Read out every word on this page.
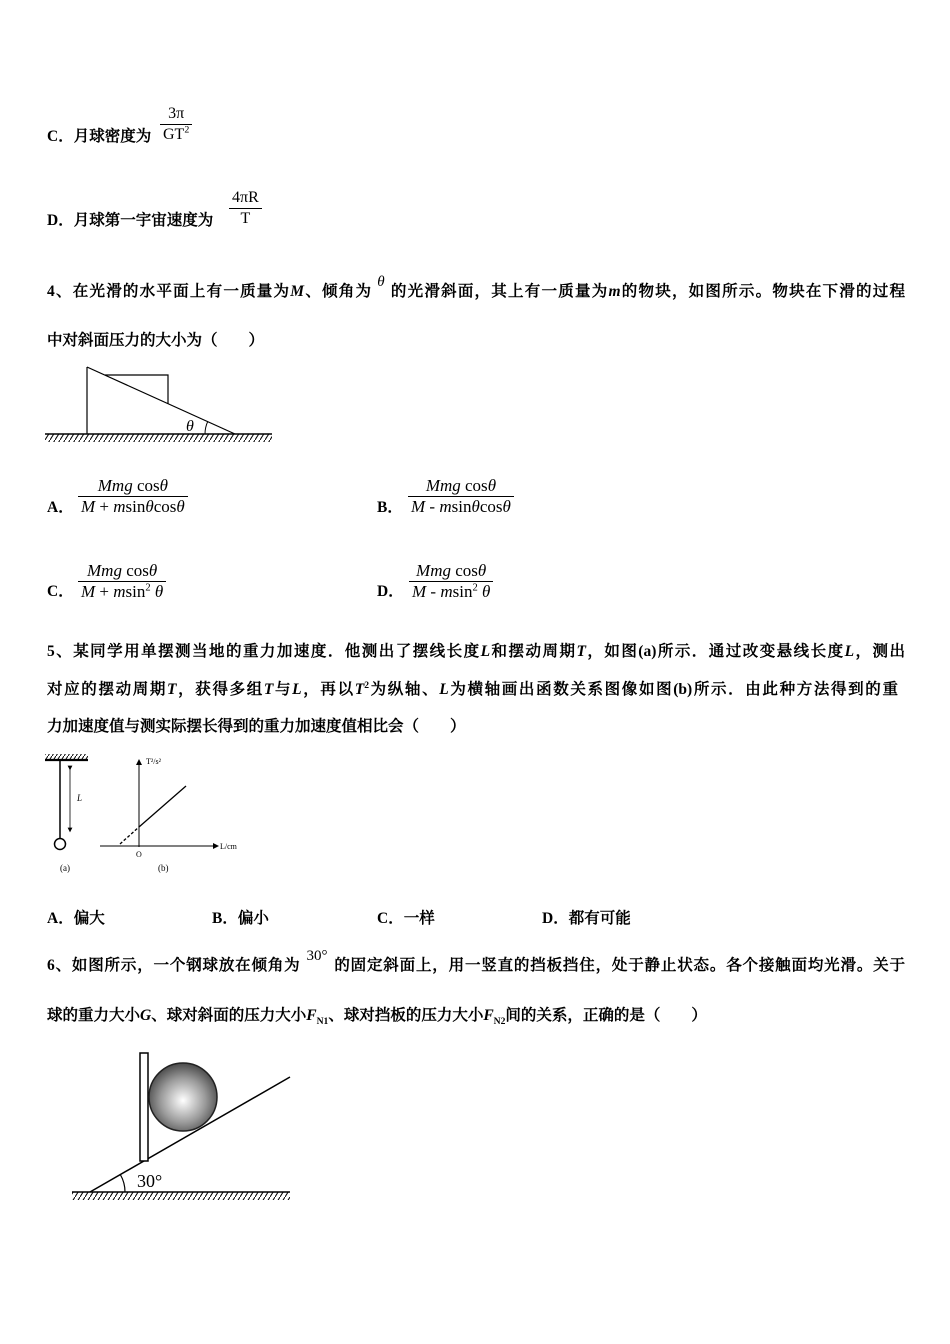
C．月球密度为 $\frac{3\pi}{GT^2}$
D．月球第一宇宙速度为 $\frac{4\pi R}{T}$
4、在光滑的水平面上有一质量为M、倾角为θ的光滑斜面，其上有一质量为m的物块，如图所示。物块在下滑的过程
中对斜面压力的大小为（　　）
θ
A．
Mmg cosθ
M + msinθcosθ	B．
Mmg cosθ
M - msinθcosθ
C．
Mmg cosθ
M + msin$^2$ θ	D．
Mmg cosθ
M - msin$^2$ θ
5、某同学用单摆测当地的重力加速度．他测出了摆线长度L和摆动周期T，如图(a)所示．通过改变悬线长度L，测出
对应的摆动周期T，获得多组T与L，再以$T^2$为纵轴、L为横轴画出函数关系图像如图(b)所示．由此种方法得到的重
力加速度值与测实际摆长得到的重力加速度值相比会（　　）
L
(a)
T²/s²
L/cm
O
(b)
A．偏大	B．偏小	C．一样	D．都有可能
6、如图所示，一个钢球放在倾角为30°的固定斜面上，用一竖直的挡板挡住，处于静止状态。各个接触面均光滑。关于
球的重力大小G、球对斜面的压力大小$F_{N1}$、球对挡板的压力大小$F_{N2}$间的关系，正确的是（　　）
30°
